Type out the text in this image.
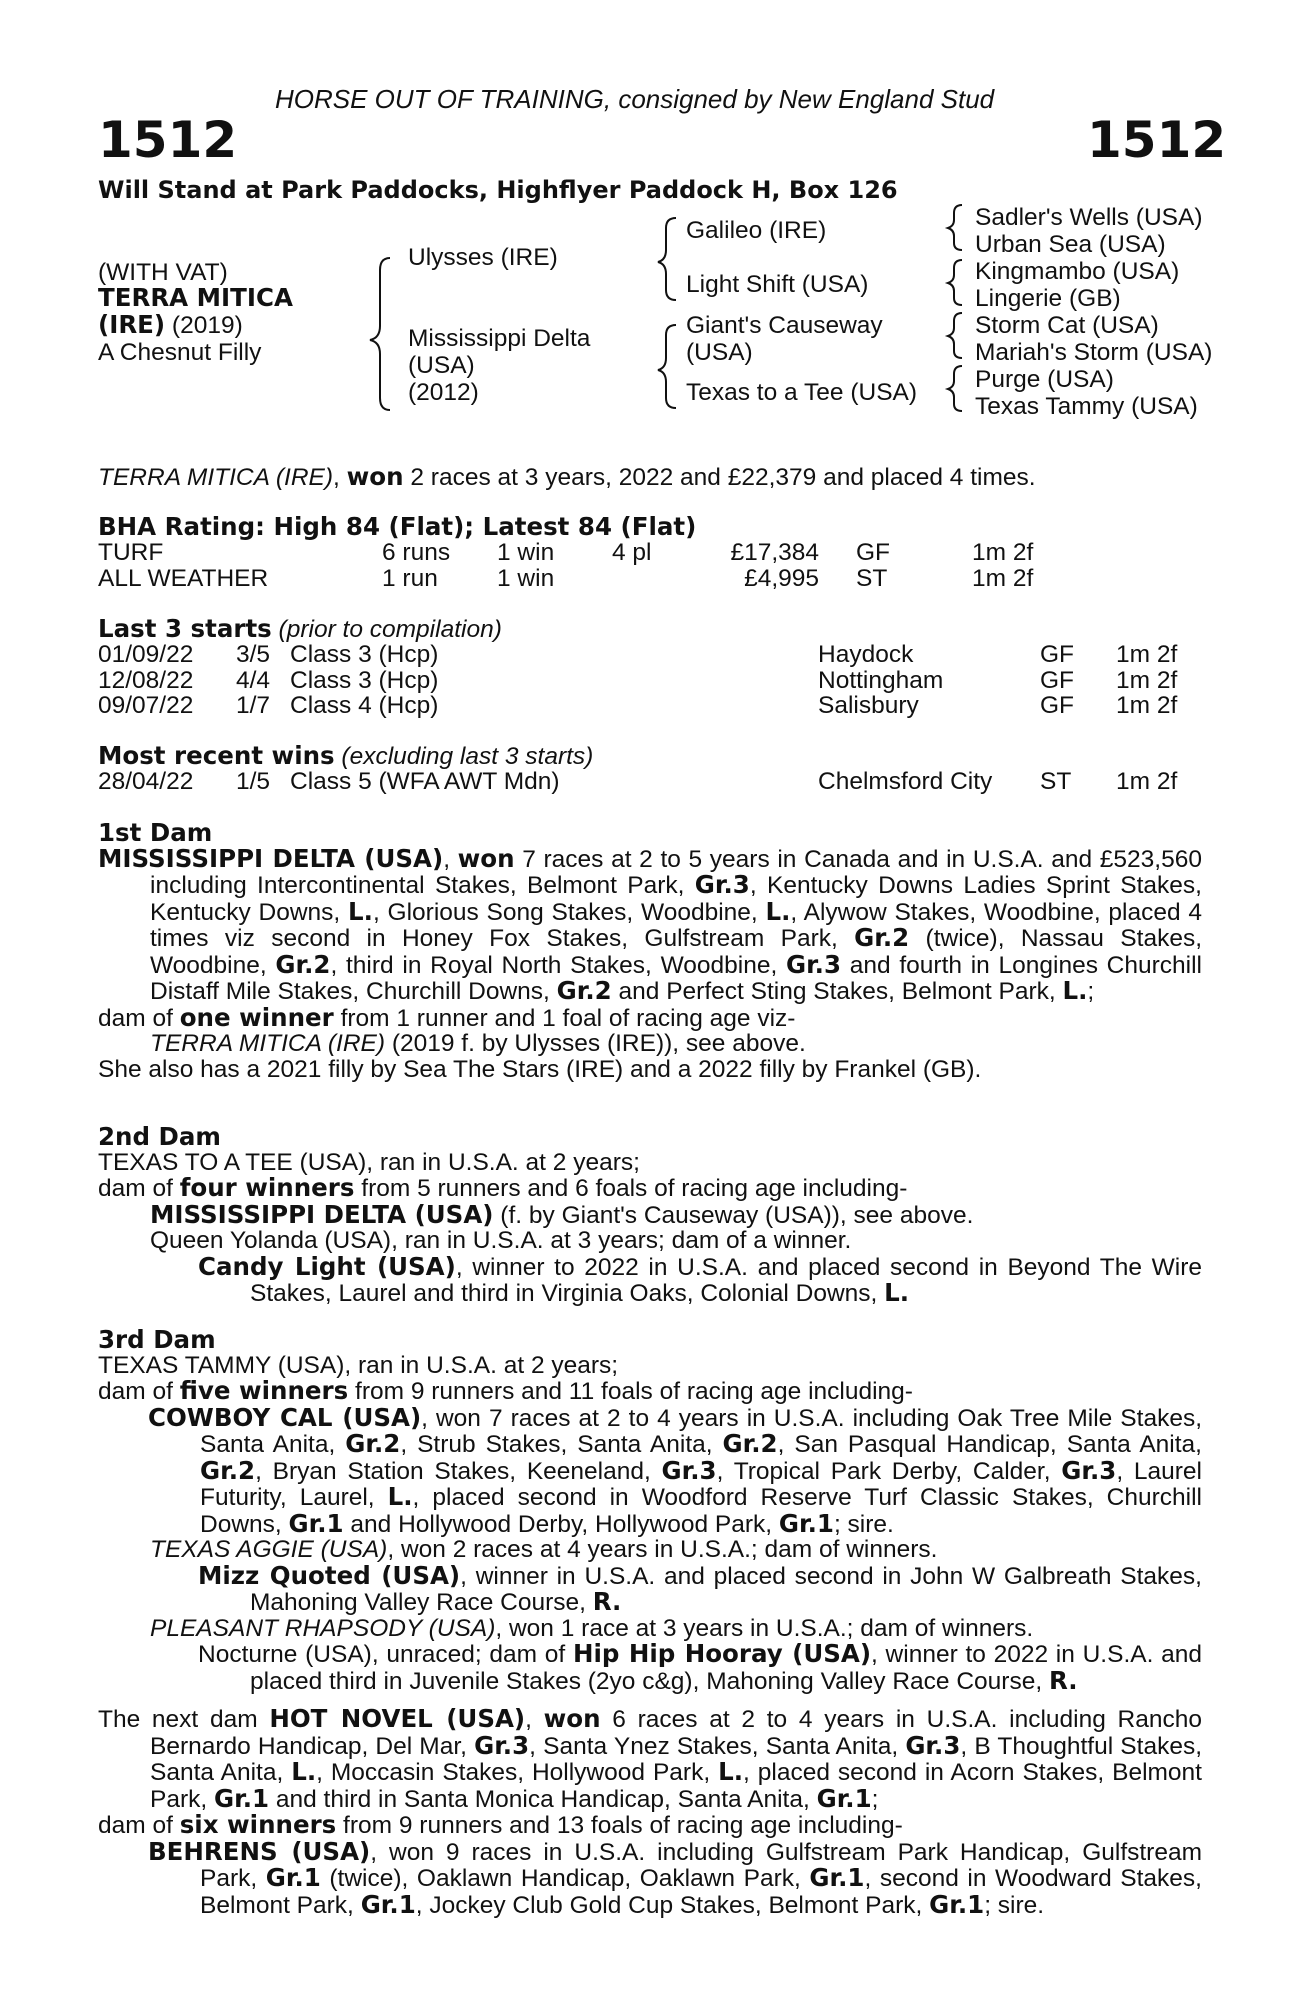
HORSE OUT OF TRAINING, consigned by New England Stud
1512	1512
Will Stand at Park Paddocks, Highflyer Paddock H, Box 126
(WITH VAT)
TERRA MITICA
(IRE) (2019)
A Chesnut Filly
Ulysses (IRE)
Mississippi Delta
(USA)
(2012)
Galileo (IRE)
Light Shift (USA)
Giant's Causeway
(USA)
Texas to a Tee (USA)
Sadler's Wells (USA)
Urban Sea (USA)
Kingmambo (USA)
Lingerie (GB)
Storm Cat (USA)
Mariah's Storm (USA)
Purge (USA)
Texas Tammy (USA)
TERRA MITICA (IRE), won 2 races at 3 years, 2022 and £22,379 and placed 4 times.
BHA Rating: High 84 (Flat); Latest 84 (Flat)
TURF	6 runs 1 win 4 pl	£17,384 GF	1m 2f
ALL WEATHER	1 run 1 win	£4,995 ST	1m 2f
Last 3 starts (prior to compilation)
01/09/22 3/5 Class 3 (Hcp)	Haydock	GF 1m 2f
12/08/22 4/4 Class 3 (Hcp)	Nottingham	GF 1m 2f
09/07/22 1/7 Class 4 (Hcp)	Salisbury	GF 1m 2f
Most recent wins (excluding last 3 starts)
28/04/22 1/5 Class 5 (WFA AWT Mdn)	Chelmsford City ST 1m 2f

1st Dam

MISSISSIPPI DELTA (USA), won 7 races at 2 to 5 years in Canada and in U.S.A. and £523,560 including Intercontinental Stakes, Belmont Park, Gr.3, Kentucky Downs Ladies Sprint Stakes, Kentucky Downs, L., Glorious Song Stakes, Woodbine, L., Alywow Stakes, Woodbine, placed 4 times viz second in Honey Fox Stakes, Gulfstream Park, Gr.2 (twice), Nassau Stakes, Woodbine, Gr.2, third in Royal North Stakes, Woodbine, Gr.3 and fourth in Longines Churchill Distaff Mile Stakes, Churchill Downs, Gr.2 and Perfect Sting Stakes, Belmont Park, L.;

dam of one winner from 1 runner and 1 foal of racing age viz-

TERRA MITICA (IRE) (2019 f. by Ulysses (IRE)), see above.

She also has a 2021 filly by Sea The Stars (IRE) and a 2022 filly by Frankel (GB).

2nd Dam

TEXAS TO A TEE (USA), ran in U.S.A. at 2 years;

dam of four winners from 5 runners and 6 foals of racing age including-

MISSISSIPPI DELTA (USA) (f. by Giant's Causeway (USA)), see above.

Queen Yolanda (USA), ran in U.S.A. at 3 years; dam of a winner.

Candy Light (USA), winner to 2022 in U.S.A. and placed second in Beyond The Wire Stakes, Laurel and third in Virginia Oaks, Colonial Downs, L.

3rd Dam

TEXAS TAMMY (USA), ran in U.S.A. at 2 years;

dam of five winners from 9 runners and 11 foals of racing age including-

COWBOY CAL (USA), won 7 races at 2 to 4 years in U.S.A. including Oak Tree Mile Stakes, Santa Anita, Gr.2, Strub Stakes, Santa Anita, Gr.2, San Pasqual Handicap, Santa Anita, Gr.2, Bryan Station Stakes, Keeneland, Gr.3, Tropical Park Derby, Calder, Gr.3, Laurel Futurity, Laurel, L., placed second in Woodford Reserve Turf Classic Stakes, Churchill Downs, Gr.1 and Hollywood Derby, Hollywood Park, Gr.1; sire.

TEXAS AGGIE (USA), won 2 races at 4 years in U.S.A.; dam of winners.

Mizz Quoted (USA), winner in U.S.A. and placed second in John W Galbreath Stakes, Mahoning Valley Race Course, R.

PLEASANT RHAPSODY (USA), won 1 race at 3 years in U.S.A.; dam of winners.

Nocturne (USA), unraced; dam of Hip Hip Hooray (USA), winner to 2022 in U.S.A. and placed third in Juvenile Stakes (2yo c&g), Mahoning Valley Race Course, R.

The next dam HOT NOVEL (USA), won 6 races at 2 to 4 years in U.S.A. including Rancho Bernardo Handicap, Del Mar, Gr.3, Santa Ynez Stakes, Santa Anita, Gr.3, B Thoughtful Stakes, Santa Anita, L., Moccasin Stakes, Hollywood Park, L., placed second in Acorn Stakes, Belmont Park, Gr.1 and third in Santa Monica Handicap, Santa Anita, Gr.1;

dam of six winners from 9 runners and 13 foals of racing age including-

BEHRENS (USA), won 9 races in U.S.A. including Gulfstream Park Handicap, Gulfstream Park, Gr.1 (twice), Oaklawn Handicap, Oaklawn Park, Gr.1, second in Woodward Stakes, Belmont Park, Gr.1, Jockey Club Gold Cup Stakes, Belmont Park, Gr.1; sire.
